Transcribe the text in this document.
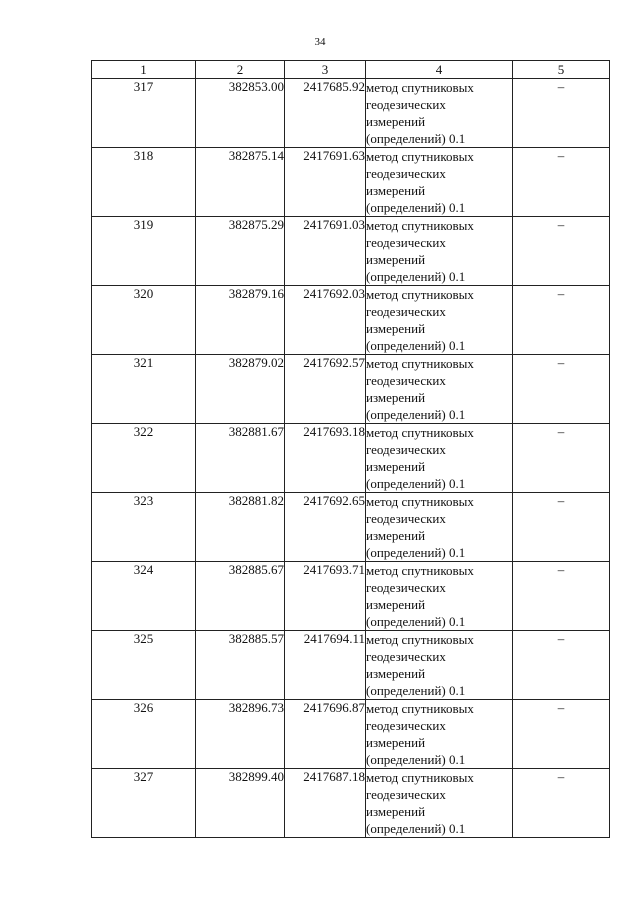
34
1	2	3	4	5
317	382853.00	2417685.92	метод спутниковых
геодезических
измерений
(определений) 0.1	–
318	382875.14	2417691.63	метод спутниковых
геодезических
измерений
(определений) 0.1	–
319	382875.29	2417691.03	метод спутниковых
геодезических
измерений
(определений) 0.1	–
320	382879.16	2417692.03	метод спутниковых
геодезических
измерений
(определений) 0.1	–
321	382879.02	2417692.57	метод спутниковых
геодезических
измерений
(определений) 0.1	–
322	382881.67	2417693.18	метод спутниковых
геодезических
измерений
(определений) 0.1	–
323	382881.82	2417692.65	метод спутниковых
геодезических
измерений
(определений) 0.1	–
324	382885.67	2417693.71	метод спутниковых
геодезических
измерений
(определений) 0.1	–
325	382885.57	2417694.11	метод спутниковых
геодезических
измерений
(определений) 0.1	–
326	382896.73	2417696.87	метод спутниковых
геодезических
измерений
(определений) 0.1	–
327	382899.40	2417687.18	метод спутниковых
геодезических
измерений
(определений) 0.1	–
